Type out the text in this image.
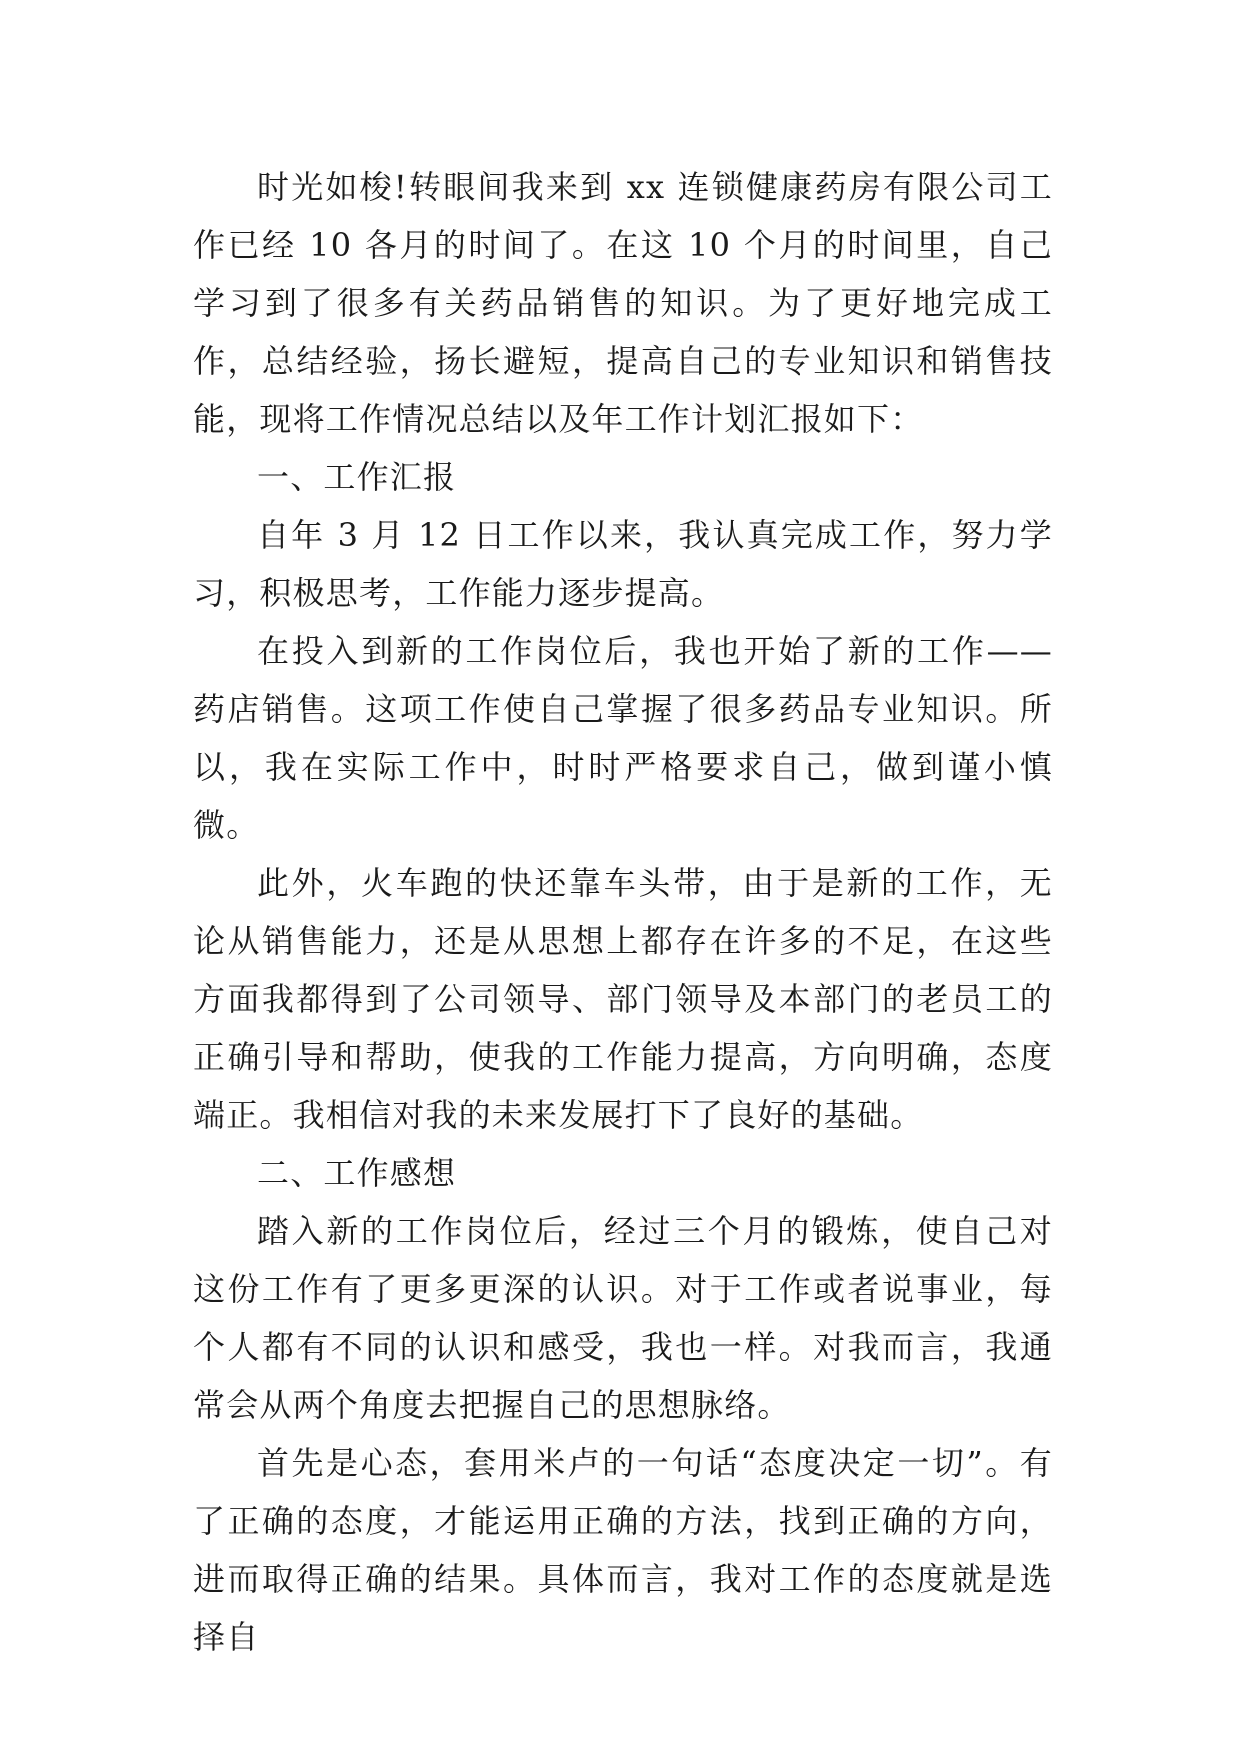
时光如梭!转眼间我来到 xx 连锁健康药房有限公司工作已经 10 各月的时间了。在这 10 个月的时间里，自己学习到了很多有关药品销售的知识。为了更好地完成工作，总结经验，扬长避短，提高自己的专业知识和销售技能，现将工作情况总结以及年工作计划汇报如下：

一、工作汇报

自年 3 月 12 日工作以来，我认真完成工作，努力学习，积极思考，工作能力逐步提高。

在投入到新的工作岗位后，我也开始了新的工作——药店销售。这项工作使自己掌握了很多药品专业知识。所以，我在实际工作中，时时严格要求自己，做到谨小慎微。

此外，火车跑的快还靠车头带，由于是新的工作，无论从销售能力，还是从思想上都存在许多的不足，在这些方面我都得到了公司领导、部门领导及本部门的老员工的正确引导和帮助，使我的工作能力提高，方向明确，态度端正。我相信对我的未来发展打下了良好的基础。

二、工作感想

踏入新的工作岗位后，经过三个月的锻炼，使自己对这份工作有了更多更深的认识。对于工作或者说事业，每个人都有不同的认识和感受，我也一样。对我而言，我通常会从两个角度去把握自己的思想脉络。

首先是心态，套用米卢的一句话“态度决定一切”。有了正确的态度，才能运用正确的方法，找到正确的方向，进而取得正确的结果。具体而言，我对工作的态度就是选择自
